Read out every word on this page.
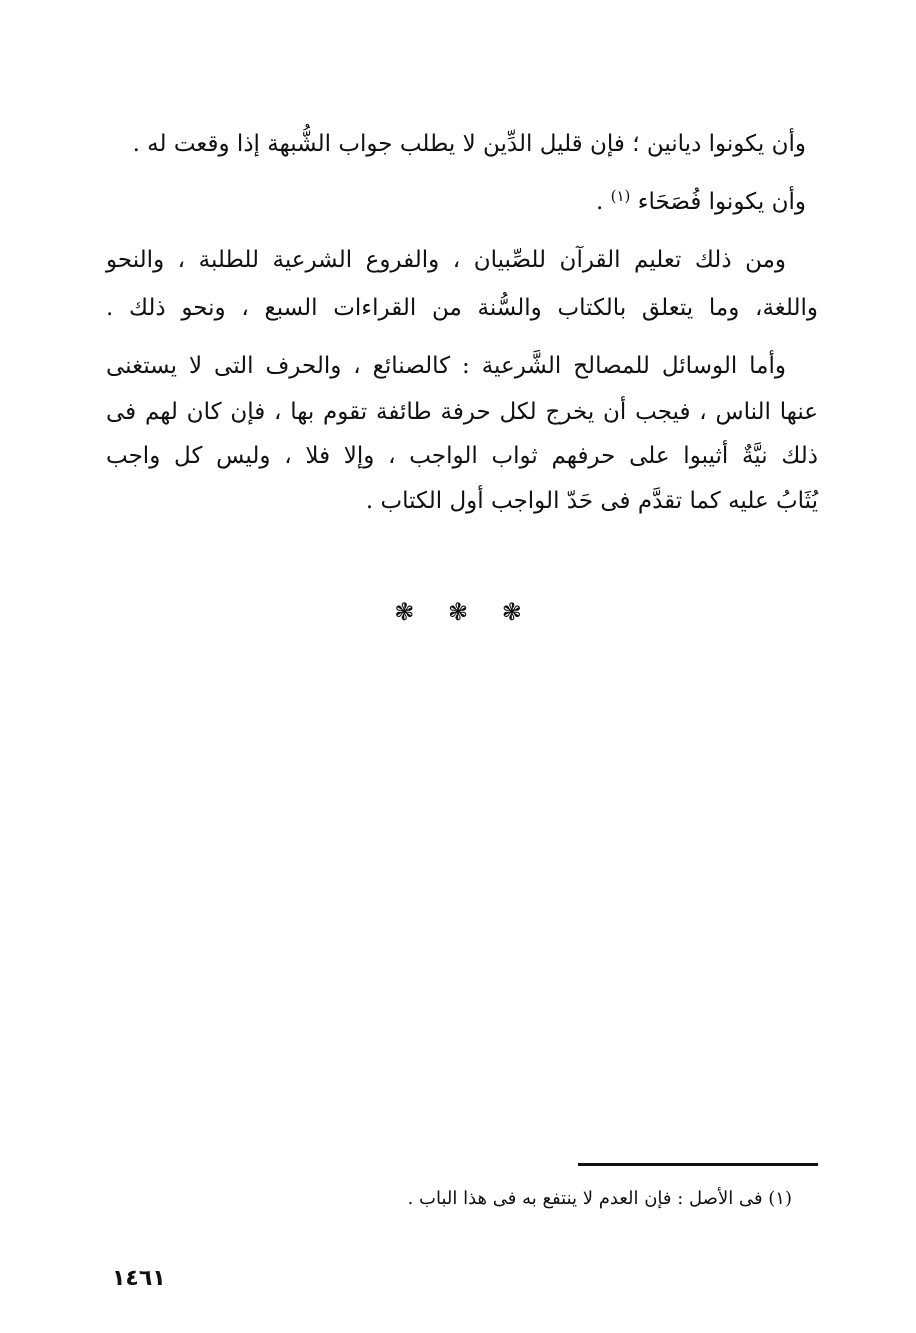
وأن يكونوا ديانين ؛ فإن قليل الدِّين لا يطلب جواب الشُّبهة إذا وقعت له .
وأن يكونوا فُصَحَاء $^{(١)}$ .
ومن ذلك تعليم القرآن للصِّبيان ، والفروع الشرعية للطلبة ، والنحو
واللغة، وما يتعلق بالكتاب والسُّنة من القراءات السبع ، ونحو ذلك .
وأما الوسائل للمصالح الشَّرعية : كالصنائع ، والحرف التى لا يستغنى
عنها الناس ، فيجب أن يخرج لكل حرفة طائفة تقوم بها ، فإن كان لهم فى
ذلك نيَّةٌ أثيبوا على حرفهم ثواب الواجب ، وإلا فلا ، وليس كل واجب
يُثَابُ عليه كما تقدَّم فى حَدّ الواجب أول الكتاب .
❃ ❃ ❃
(١) فى الأصل : فإن العدم لا ينتفع به فى هذا الباب .
١٤٦١
